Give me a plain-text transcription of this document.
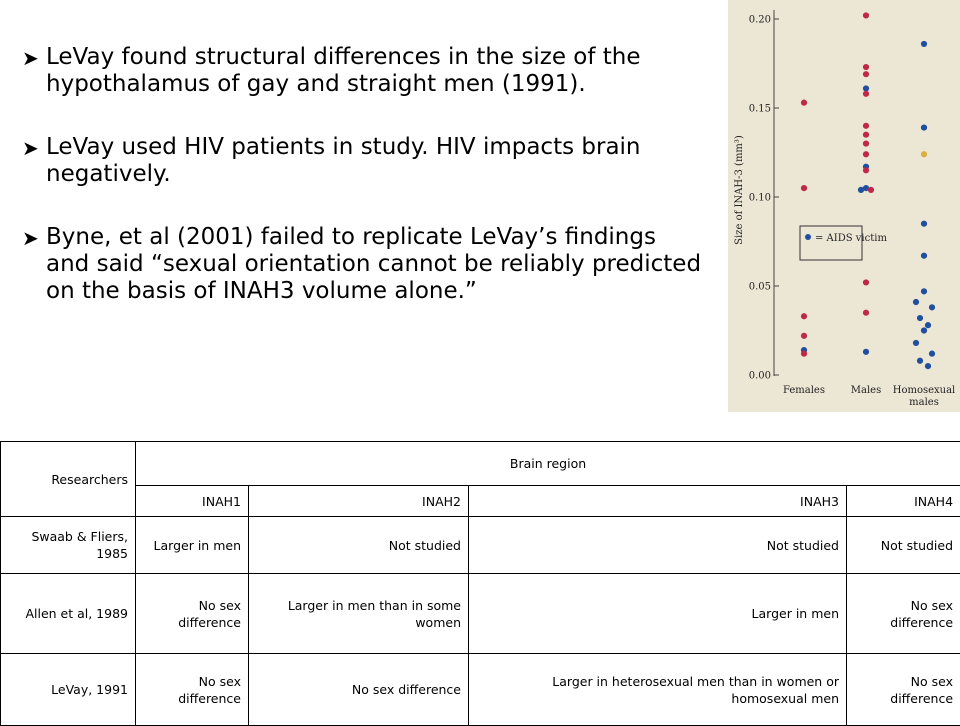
➤ LeVay found structural differences in the size of the hypothalamus of gay and straight men (1991).
➤ LeVay used HIV patients in study. HIV impacts brain negatively.
➤ Byne, et al (2001) failed to replicate LeVay’s findings and said “sexual orientation cannot be reliably predicted on the basis of INAH3 volume alone.”
Size of INAH-3 (mm³)
0.00
0.05
0.10
0.15
0.20
= AIDS victim
Females	Males Homosexual
males
Researchers	Brain region			
	INAH1	INAH2	INAH3	INAH4
Swaab & Fliers, 1985	Larger in men	Not studied	Not studied	Not studied
Allen et al, 1989	No sex difference	Larger in men than in some women	Larger in men	No sex difference
LeVay, 1991	No sex difference	No sex difference	Larger in heterosexual men than in women or homosexual men	No sex difference
